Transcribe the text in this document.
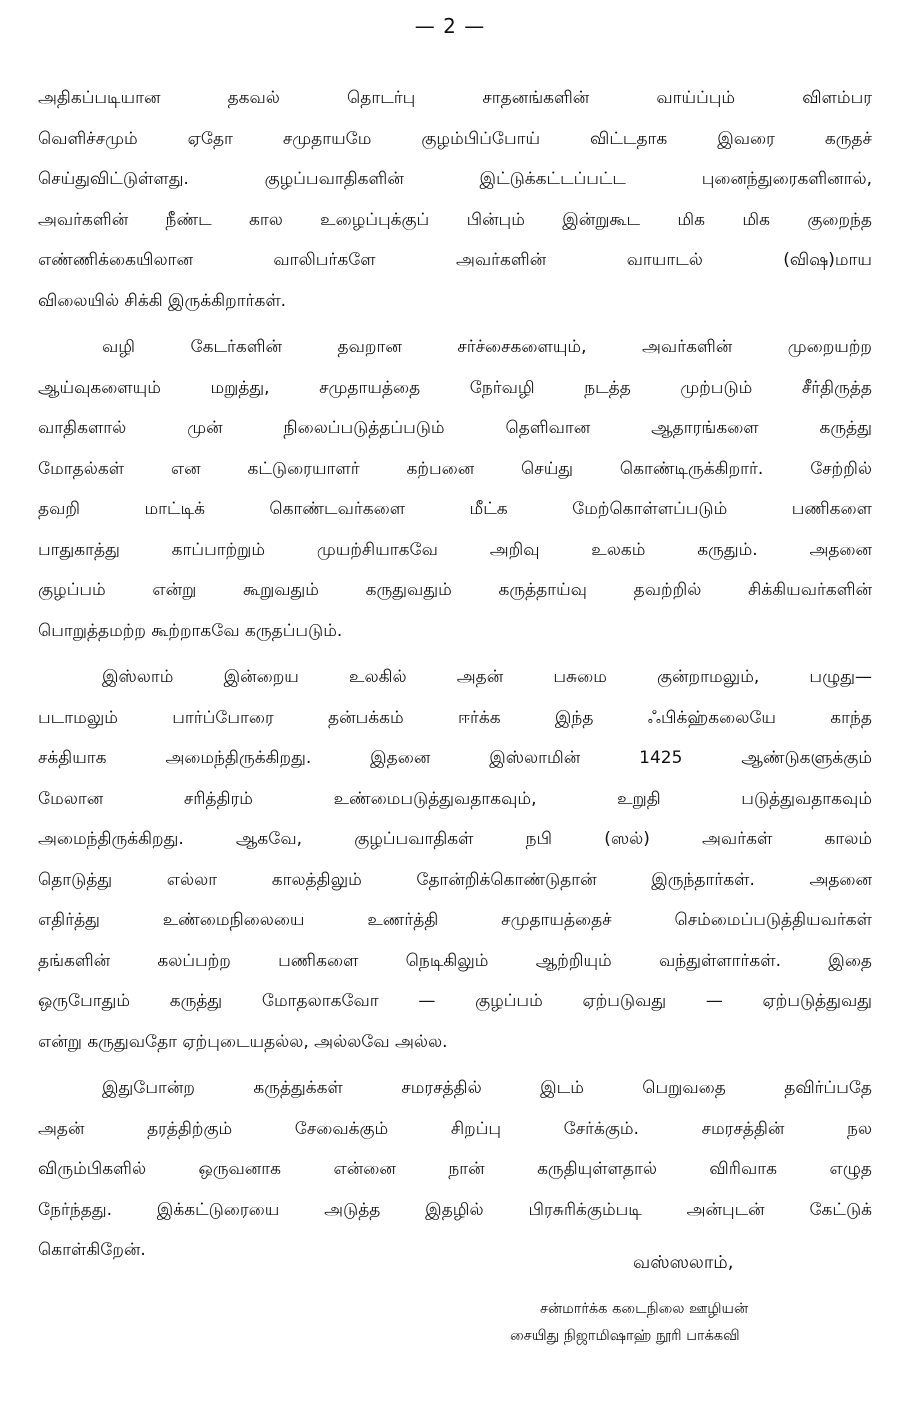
— 2 —
அதிகப்படியான தகவல் தொடர்பு சாதனங்களின் வாய்ப்பும் விளம்பர
வெளிச்சமும் ஏதோ சமுதாயமே குழம்பிப்போய் விட்டதாக இவரை கருதச்
செய்துவிட்டுள்ளது. குழப்பவாதிகளின் இட்டுக்கட்டப்பட்ட புனைந்துரைகளினால்,
அவர்களின் நீண்ட கால உழைப்புக்குப் பின்பும் இன்றுகூட மிக மிக குறைந்த
எண்ணிக்கையிலான வாலிபர்களே அவர்களின் வாயாடல் (விஷ)மாய
விலையில் சிக்கி இருக்கிறார்கள்.
வழி கேடர்களின் தவறான சர்ச்சைகளையும், அவர்களின் முறையற்ற
ஆய்வுகளையும் மறுத்து, சமுதாயத்தை நேர்வழி நடத்த முற்படும் சீர்திருத்த
வாதிகளால் முன் நிலைப்படுத்தப்படும் தெளிவான ஆதாரங்களை கருத்து
மோதல்கள் என கட்டுரையாளர் கற்பனை செய்து கொண்டிருக்கிறார். சேற்றில்
தவறி மாட்டிக் கொண்டவர்களை மீட்க மேற்கொள்ளப்படும் பணிகளை
பாதுகாத்து காப்பாற்றும் முயற்சியாகவே அறிவு உலகம் கருதும். அதனை
குழப்பம் என்று கூறுவதும் கருதுவதும் கருத்தாய்வு தவற்றில் சிக்கியவர்களின்
பொறுத்தமற்ற கூற்றாகவே கருதப்படும்.
இஸ்லாம் இன்றைய உலகில் அதன் பசுமை குன்றாமலும், பழுது—
படாமலும் பார்ப்போரை தன்பக்கம் ஈர்க்க இந்த ஃபிக்ஹ்கலையே காந்த
சக்தியாக அமைந்திருக்கிறது. இதனை இஸ்லாமின் 1425 ஆண்டுகளுக்கும்
மேலான சரித்திரம் உண்மைபடுத்துவதாகவும், உறுதி படுத்துவதாகவும்
அமைந்திருக்கிறது. ஆகவே, குழப்பவாதிகள் நபி (ஸல்) அவர்கள் காலம்
தொடுத்து எல்லா காலத்திலும் தோன்றிக்கொண்டுதான் இருந்தார்கள். அதனை
எதிர்த்து உண்மைநிலையை உணர்த்தி சமுதாயத்தைச் செம்மைப்படுத்தியவர்கள்
தங்களின் கலப்பற்ற பணிகளை நெடிகிலும் ஆற்றியும் வந்துள்ளார்கள். இதை
ஒருபோதும் கருத்து மோதலாகவோ — குழப்பம் ஏற்படுவது — ஏற்படுத்துவது
என்று கருதுவதோ ஏற்புடையதல்ல, அல்லவே அல்ல.
இதுபோன்ற கருத்துக்கள் சமரசத்தில் இடம் பெறுவதை தவிர்ப்பதே
அதன் தரத்திற்கும் சேவைக்கும் சிறப்பு சேர்க்கும். சமரசத்தின் நல
விரும்பிகளில் ஒருவனாக என்னை நான் கருதியுள்ளதால் விரிவாக எழுத
நேர்ந்தது. இக்கட்டுரையை அடுத்த இதழில் பிரசுரிக்கும்படி அன்புடன் கேட்டுக்
கொள்கிறேன்.
வஸ்ஸலாம்,
சன்மார்க்க கடைநிலை ஊழியன்
சையிது நிஜாமிஷாஹ் நூரி பாக்கவி
